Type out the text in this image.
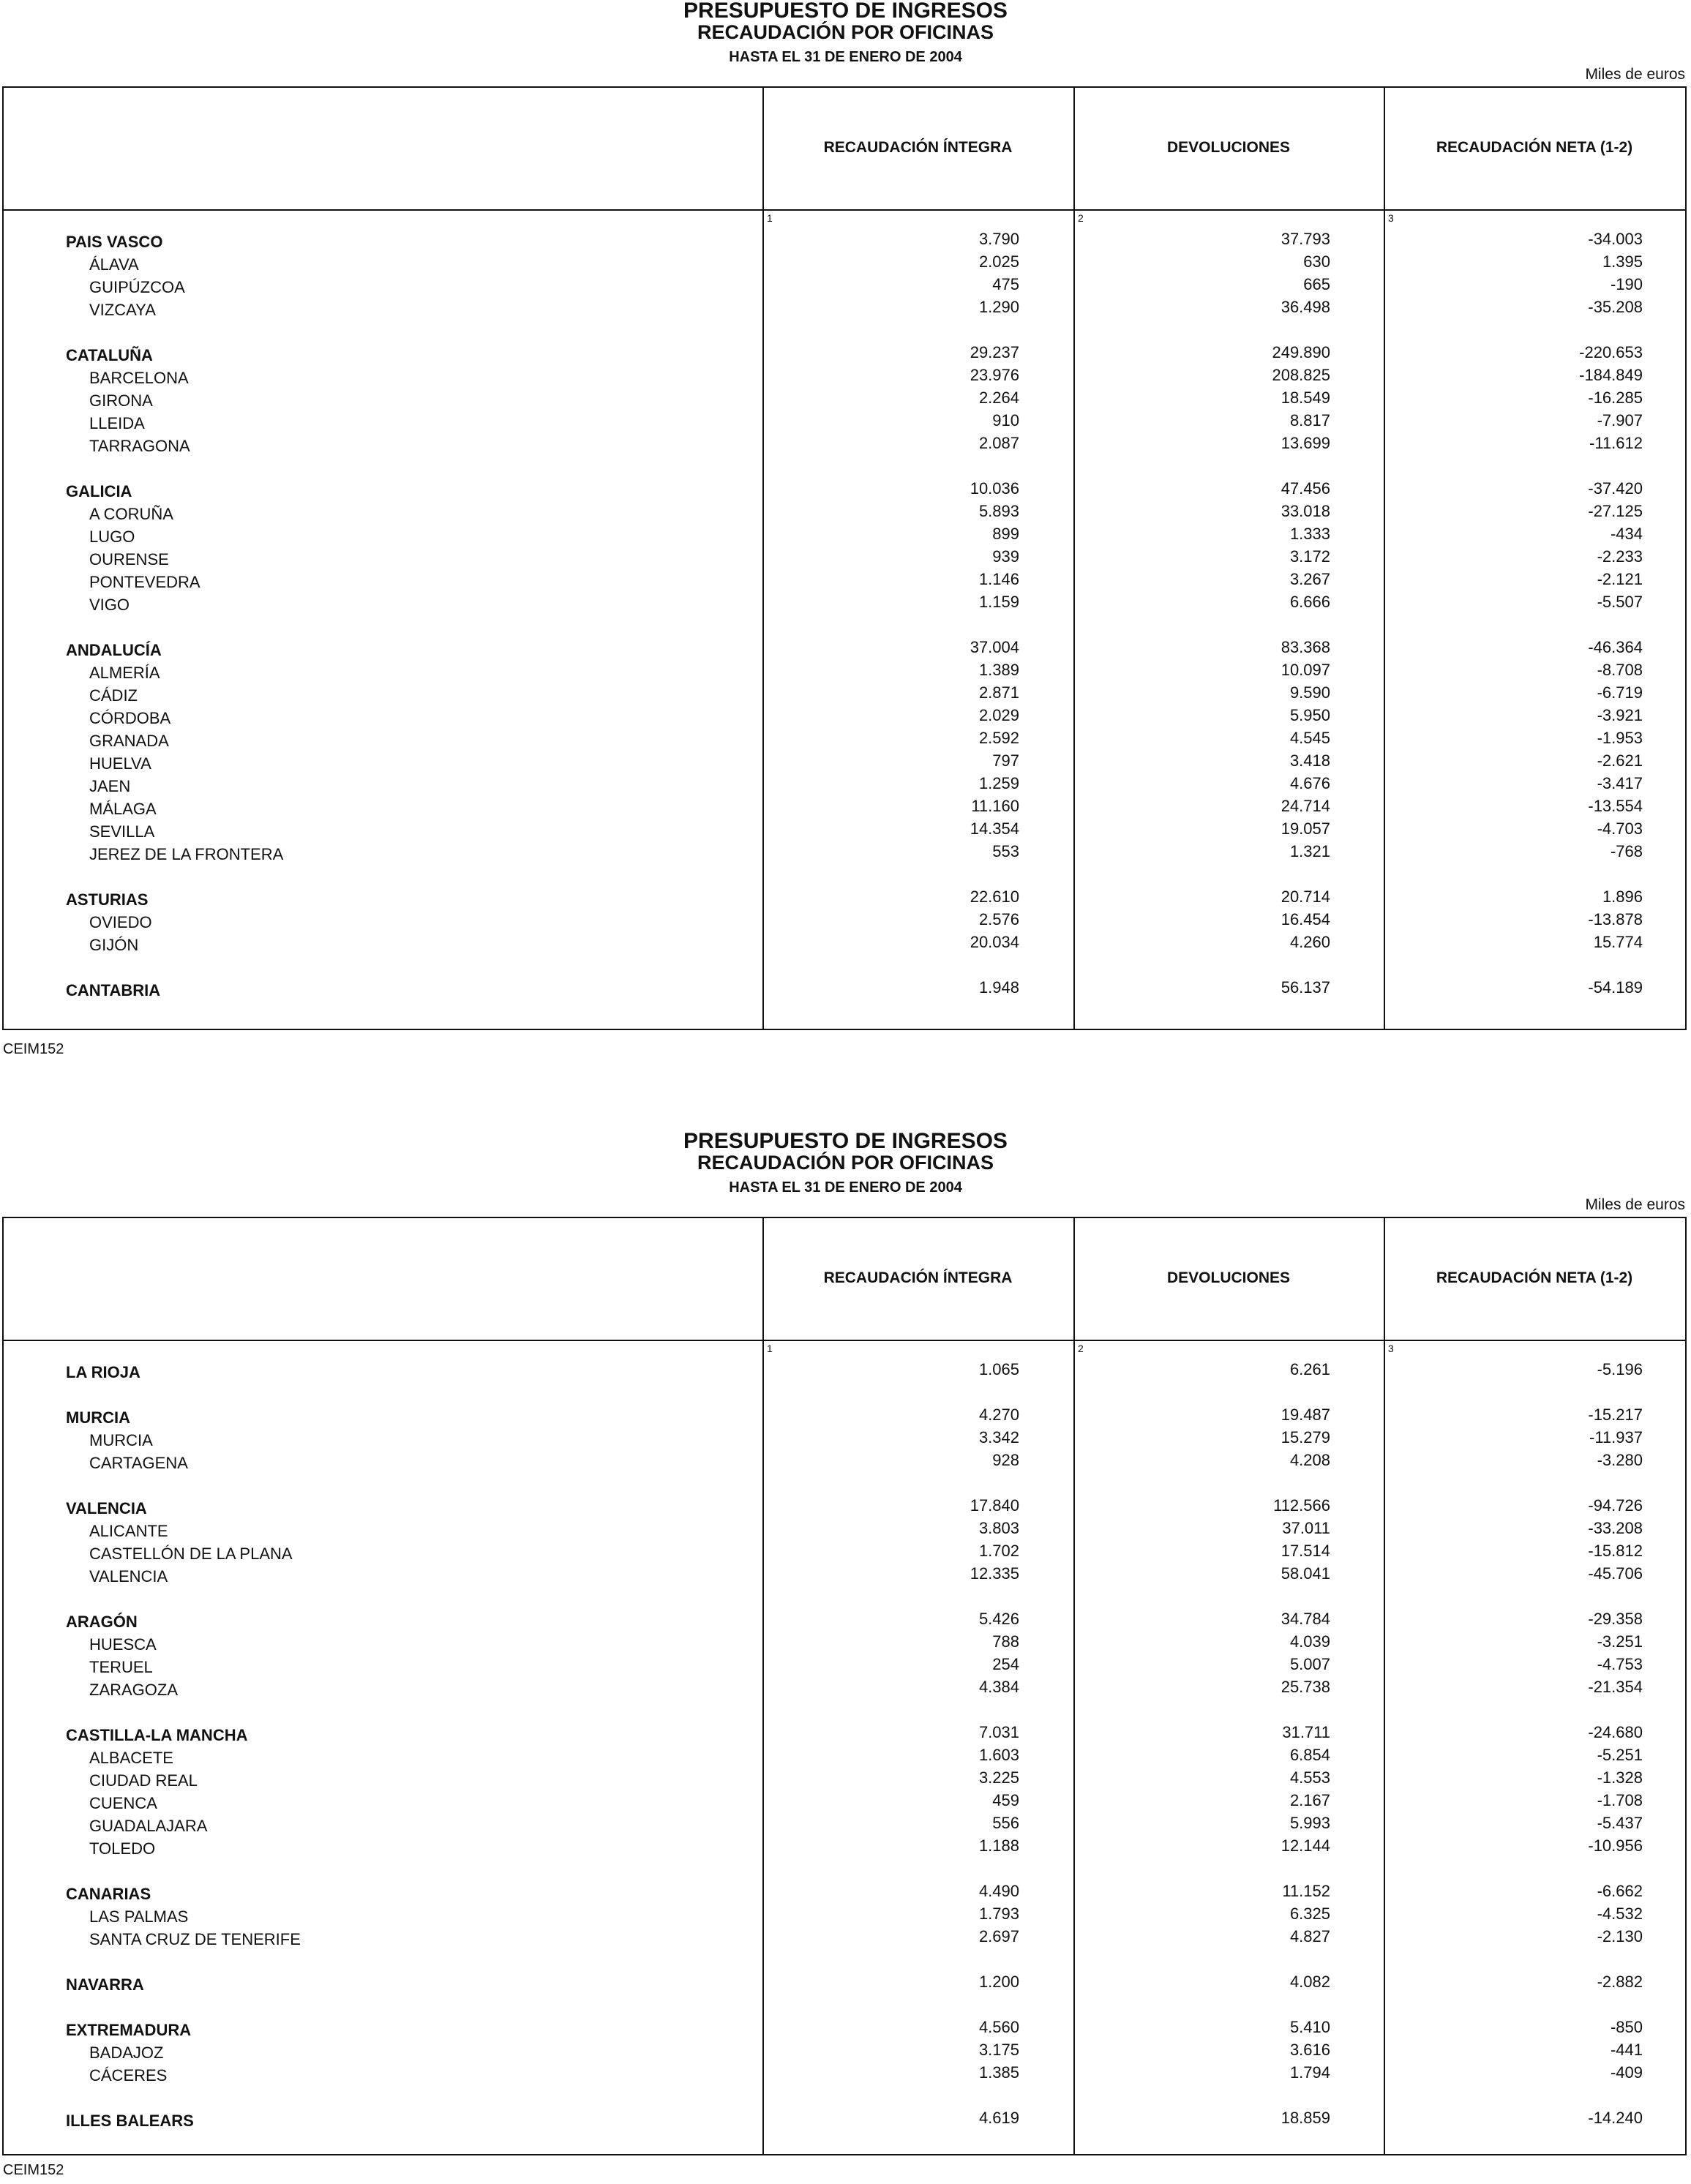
PRESUPUESTO DE INGRESOS
RECAUDACIÓN POR OFICINAS
HASTA EL 31 DE ENERO DE 2004
Miles de euros
RECAUDACIÓN ÍNTEGRA
1
DEVOLUCIONES
2
RECAUDACIÓN NETA (1-2)
3
PAIS VASCO	3.790	37.793	-34.003
ÁLAVA	2.025	630	1.395
GUIPÚZCOA	475	665	-190
VIZCAYA	1.290	36.498	-35.208
CATALUÑA	29.237	249.890	-220.653
BARCELONA	23.976	208.825	-184.849
GIRONA	2.264	18.549	-16.285
LLEIDA	910	8.817	-7.907
TARRAGONA	2.087	13.699	-11.612
GALICIA	10.036	47.456	-37.420
A CORUÑA	5.893	33.018	-27.125
LUGO	899	1.333	-434
OURENSE	939	3.172	-2.233
PONTEVEDRA	1.146	3.267	-2.121
VIGO	1.159	6.666	-5.507
ANDALUCÍA	37.004	83.368	-46.364
ALMERÍA	1.389	10.097	-8.708
CÁDIZ	2.871	9.590	-6.719
CÓRDOBA	2.029	5.950	-3.921
GRANADA	2.592	4.545	-1.953
HUELVA	797	3.418	-2.621
JAEN	1.259	4.676	-3.417
MÁLAGA	11.160	24.714	-13.554
SEVILLA	14.354	19.057	-4.703
JEREZ DE LA FRONTERA	553	1.321	-768
ASTURIAS	22.610	20.714	1.896
OVIEDO	2.576	16.454	-13.878
GIJÓN	20.034	4.260	15.774
CANTABRIA	1.948	56.137	-54.189
CEIM152
PRESUPUESTO DE INGRESOS
RECAUDACIÓN POR OFICINAS
HASTA EL 31 DE ENERO DE 2004
Miles de euros
RECAUDACIÓN ÍNTEGRA
1
DEVOLUCIONES
2
RECAUDACIÓN NETA (1-2)
3
LA RIOJA	1.065	6.261	-5.196
MURCIA	4.270	19.487	-15.217
MURCIA	3.342	15.279	-11.937
CARTAGENA	928	4.208	-3.280
VALENCIA	17.840	112.566	-94.726
ALICANTE	3.803	37.011	-33.208
CASTELLÓN DE LA PLANA	1.702	17.514	-15.812
VALENCIA	12.335	58.041	-45.706
ARAGÓN	5.426	34.784	-29.358
HUESCA	788	4.039	-3.251
TERUEL	254	5.007	-4.753
ZARAGOZA	4.384	25.738	-21.354
CASTILLA-LA MANCHA	7.031	31.711	-24.680
ALBACETE	1.603	6.854	-5.251
CIUDAD REAL	3.225	4.553	-1.328
CUENCA	459	2.167	-1.708
GUADALAJARA	556	5.993	-5.437
TOLEDO	1.188	12.144	-10.956
CANARIAS	4.490	11.152	-6.662
LAS PALMAS	1.793	6.325	-4.532
SANTA CRUZ DE TENERIFE	2.697	4.827	-2.130
NAVARRA	1.200	4.082	-2.882
EXTREMADURA	4.560	5.410	-850
BADAJOZ	3.175	3.616	-441
CÁCERES	1.385	1.794	-409
ILLES BALEARS	4.619	18.859	-14.240
CEIM152
